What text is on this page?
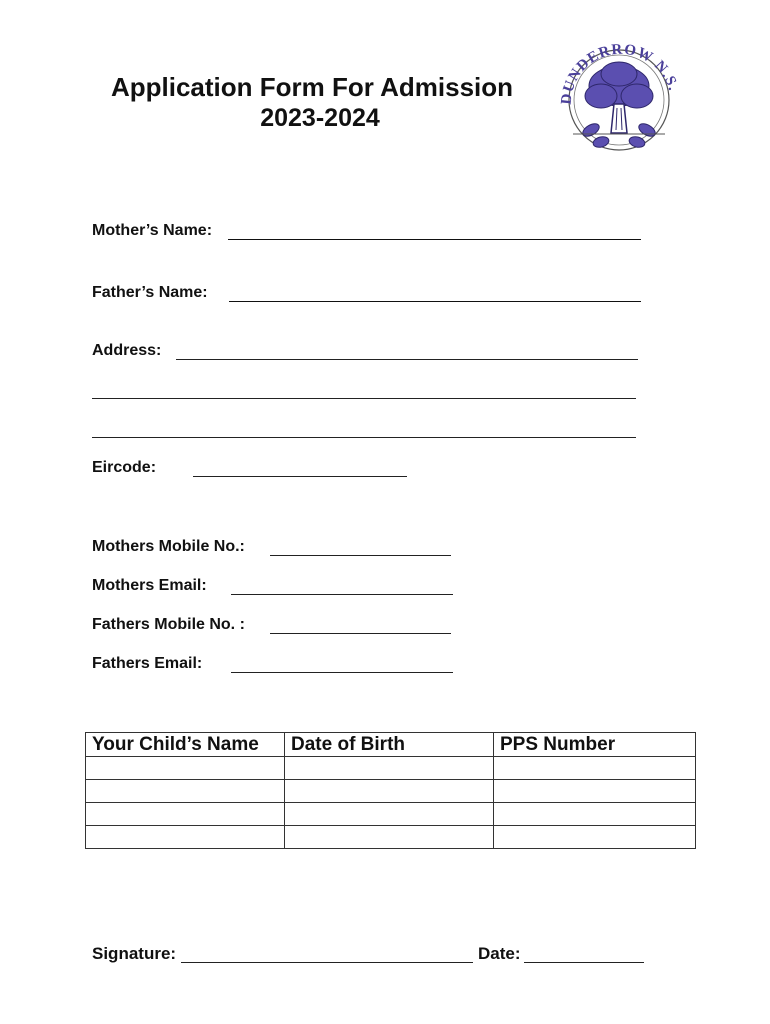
Application Form For Admission
2023-2024
DUNDERROW N.S.
Mother’s Name:
Father’s Name:
Address:
Eircode:
Mothers Mobile No.:
Mothers Email:
Fathers Mobile No. :
Fathers Email:
Your Child’s Name	Date of Birth	PPS Number

Signature:	Date:
